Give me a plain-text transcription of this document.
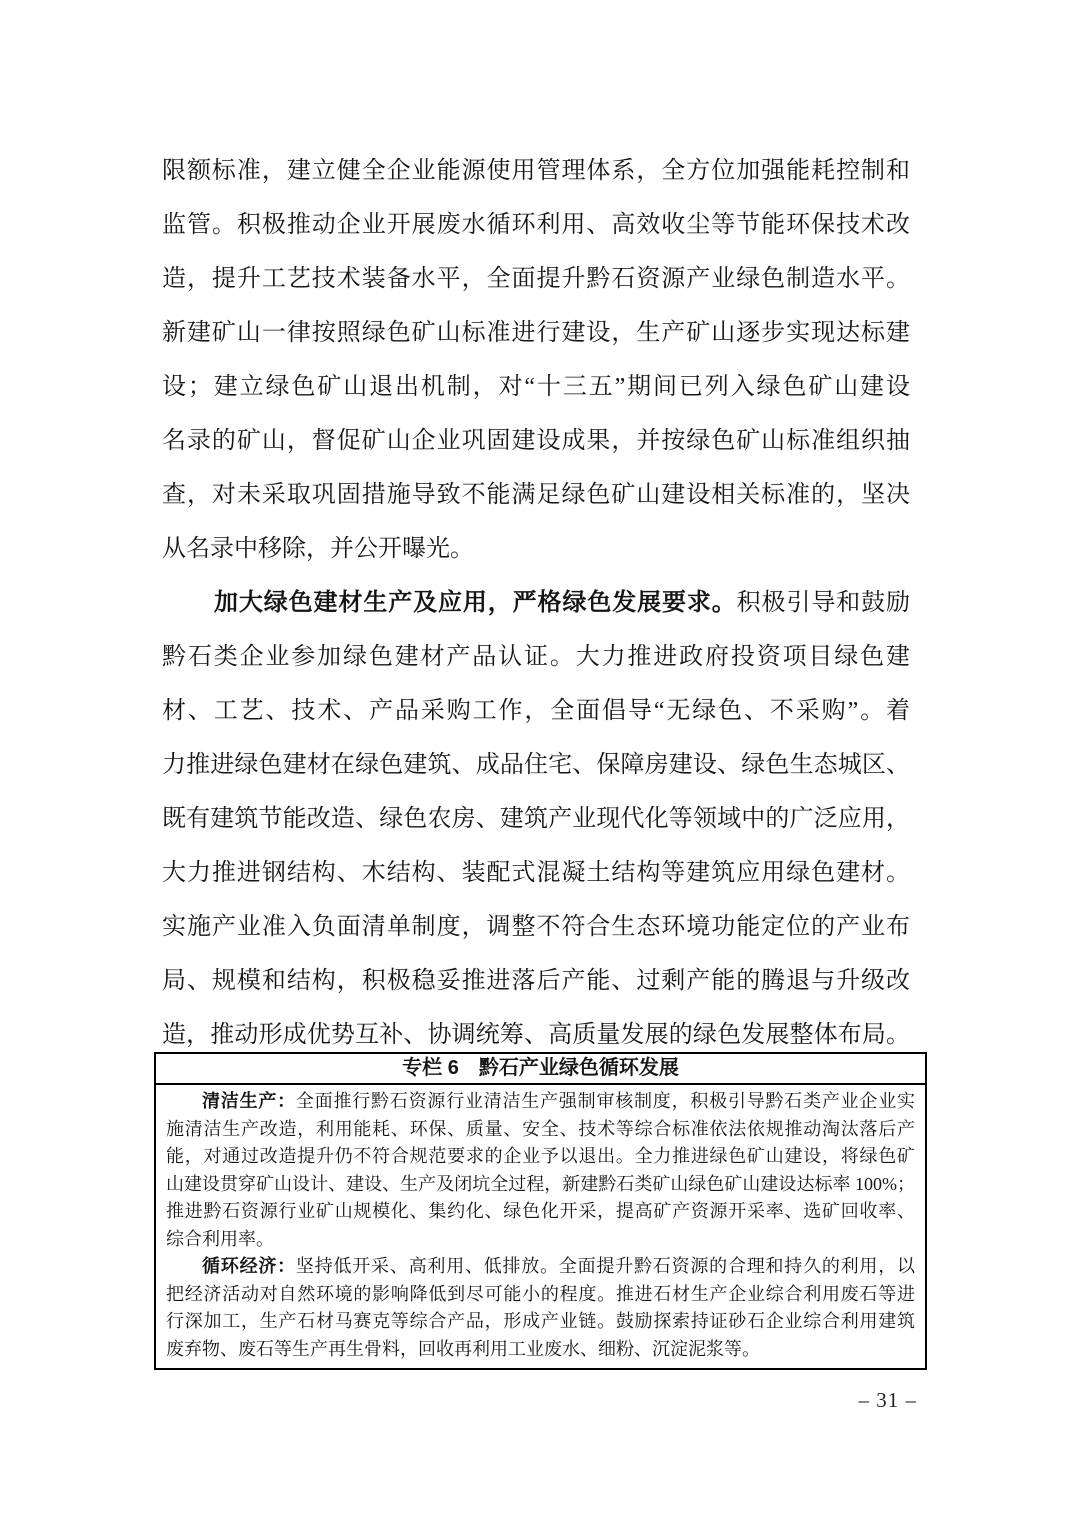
限额标准，建立健全企业能源使用管理体系，全方位加强能耗控制和
监管。积极推动企业开展废水循环利用、高效收尘等节能环保技术改
造，提升工艺技术装备水平，全面提升黔石资源产业绿色制造水平。
新建矿山一律按照绿色矿山标准进行建设，生产矿山逐步实现达标建
设；建立绿色矿山退出机制，对“十三五”期间已列入绿色矿山建设
名录的矿山，督促矿山企业巩固建设成果，并按绿色矿山标准组织抽
查，对未采取巩固措施导致不能满足绿色矿山建设相关标准的，坚决
从名录中移除，并公开曝光。
加大绿色建材生产及应用，严格绿色发展要求。积极引导和鼓励
黔石类企业参加绿色建材产品认证。大力推进政府投资项目绿色建
材、工艺、技术、产品采购工作，全面倡导“无绿色、不采购”。着
力推进绿色建材在绿色建筑、成品住宅、保障房建设、绿色生态城区、
既有建筑节能改造、绿色农房、建筑产业现代化等领域中的广泛应用，
大力推进钢结构、木结构、装配式混凝土结构等建筑应用绿色建材。
实施产业准入负面清单制度，调整不符合生态环境功能定位的产业布
局、规模和结构，积极稳妥推进落后产能、过剩产能的腾退与升级改
造，推动形成优势互补、协调统筹、高质量发展的绿色发展整体布局。
专栏 6　黔石产业绿色循环发展
清洁生产：全面推行黔石资源行业清洁生产强制审核制度，积极引导黔石类产业企业实
施清洁生产改造，利用能耗、环保、质量、安全、技术等综合标准依法依规推动淘汰落后产
能，对通过改造提升仍不符合规范要求的企业予以退出。全力推进绿色矿山建设，将绿色矿
山建设贯穿矿山设计、建设、生产及闭坑全过程，新建黔石类矿山绿色矿山建设达标率 100%；
推进黔石资源行业矿山规模化、集约化、绿色化开采，提高矿产资源开采率、选矿回收率、
综合利用率。
循环经济：坚持低开采、高利用、低排放。全面提升黔石资源的合理和持久的利用，以
把经济活动对自然环境的影响降低到尽可能小的程度。推进石材生产企业综合利用废石等进
行深加工，生产石材马赛克等综合产品，形成产业链。鼓励探索持证砂石企业综合利用建筑
废弃物、废石等生产再生骨料，回收再利用工业废水、细粉、沉淀泥浆等。
– 31 –
